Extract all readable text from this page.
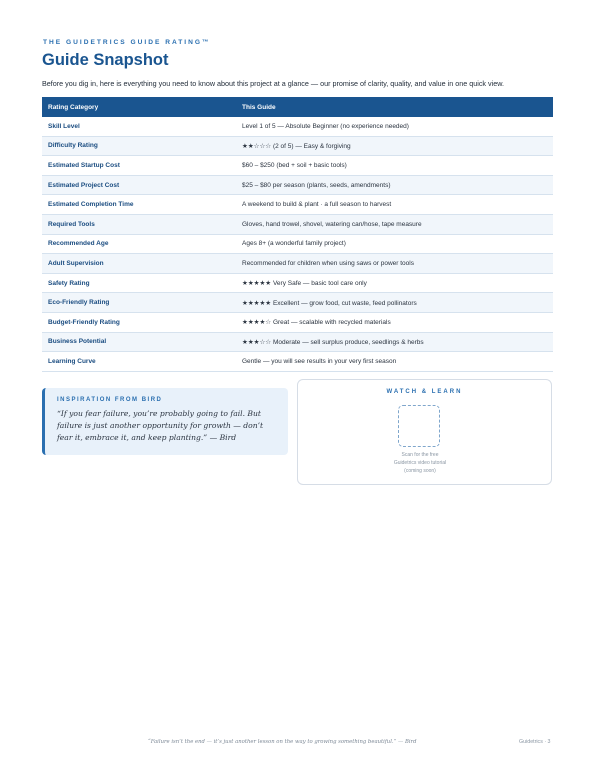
THE GUIDETRICS GUIDE RATING™
Guide Snapshot
Before you dig in, here is everything you need to know about this project at a glance — our promise of clarity, quality, and value in one quick view.
Rating Category	This Guide
Skill Level	Level 1 of 5 — Absolute Beginner (no experience needed)
Difficulty Rating	★★☆☆☆ (2 of 5) — Easy & forgiving
Estimated Startup Cost	$60 – $250 (bed + soil + basic tools)
Estimated Project Cost	$25 – $80 per season (plants, seeds, amendments)
Estimated Completion Time	A weekend to build & plant · a full season to harvest
Required Tools	Gloves, hand trowel, shovel, watering can/hose, tape measure
Recommended Age	Ages 8+ (a wonderful family project)
Adult Supervision	Recommended for children when using saws or power tools
Safety Rating	★★★★★ Very Safe — basic tool care only
Eco-Friendly Rating	★★★★★ Excellent — grow food, cut waste, feed pollinators
Budget-Friendly Rating	★★★★☆ Great — scalable with recycled materials
Business Potential	★★★☆☆ Moderate — sell surplus produce, seedlings & herbs
Learning Curve	Gentle — you will see results in your very first season
INSPIRATION FROM BIRD
“If you fear failure, you’re probably going to fail. But failure is just another opportunity for growth — don’t fear it, embrace it, and keep planting.” — Bird
WATCH & LEARN
Scan for the free
Guidetrics video tutorial
(coming soon)
“Failure isn’t the end — it’s just another lesson on the way to growing something beautiful.” — Bird	Guidetrics · 3
